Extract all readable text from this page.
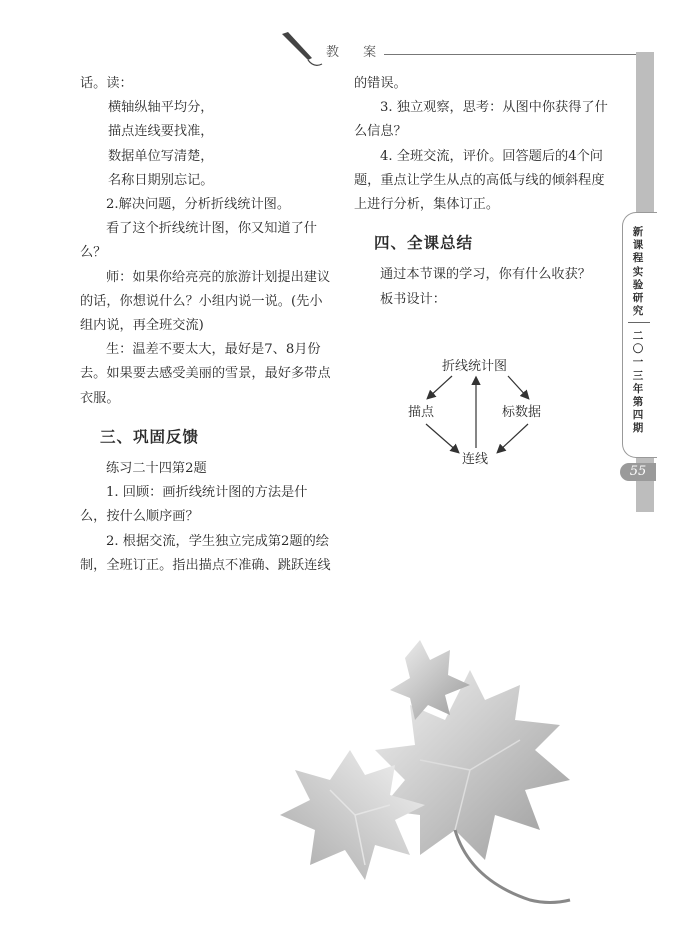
教 案

话。读：

横轴纵轴平均分，

描点连线要找准，

数据单位写清楚，

名称日期别忘记。

2.解决问题，分析折线统计图。

看了这个折线统计图，你又知道了什么？

师：如果你给亮亮的旅游计划提出建议的话，你想说什么？小组内说一说。(先小组内说，再全班交流)

生：温差不要太大，最好是7、8月份去。如果要去感受美丽的雪景，最好多带点衣服。

三、巩固反馈

练习二十四第2题

1. 回顾：画折线统计图的方法是什么，按什么顺序画？

2. 根据交流，学生独立完成第2题的绘制，全班订正。指出描点不准确、跳跃连线

的错误。

3. 独立观察，思考：从图中你获得了什么信息？

4. 全班交流，评价。回答题后的4个问题，重点让学生从点的高低与线的倾斜程度上进行分析，集体订正。

四、全课总结

通过本节课的学习，你有什么收获？

板书设计：

折线统计图
描点	标数据
连线
新
课
程
实
验
研
究
二
〇
一
三
年
第
四
期
55
